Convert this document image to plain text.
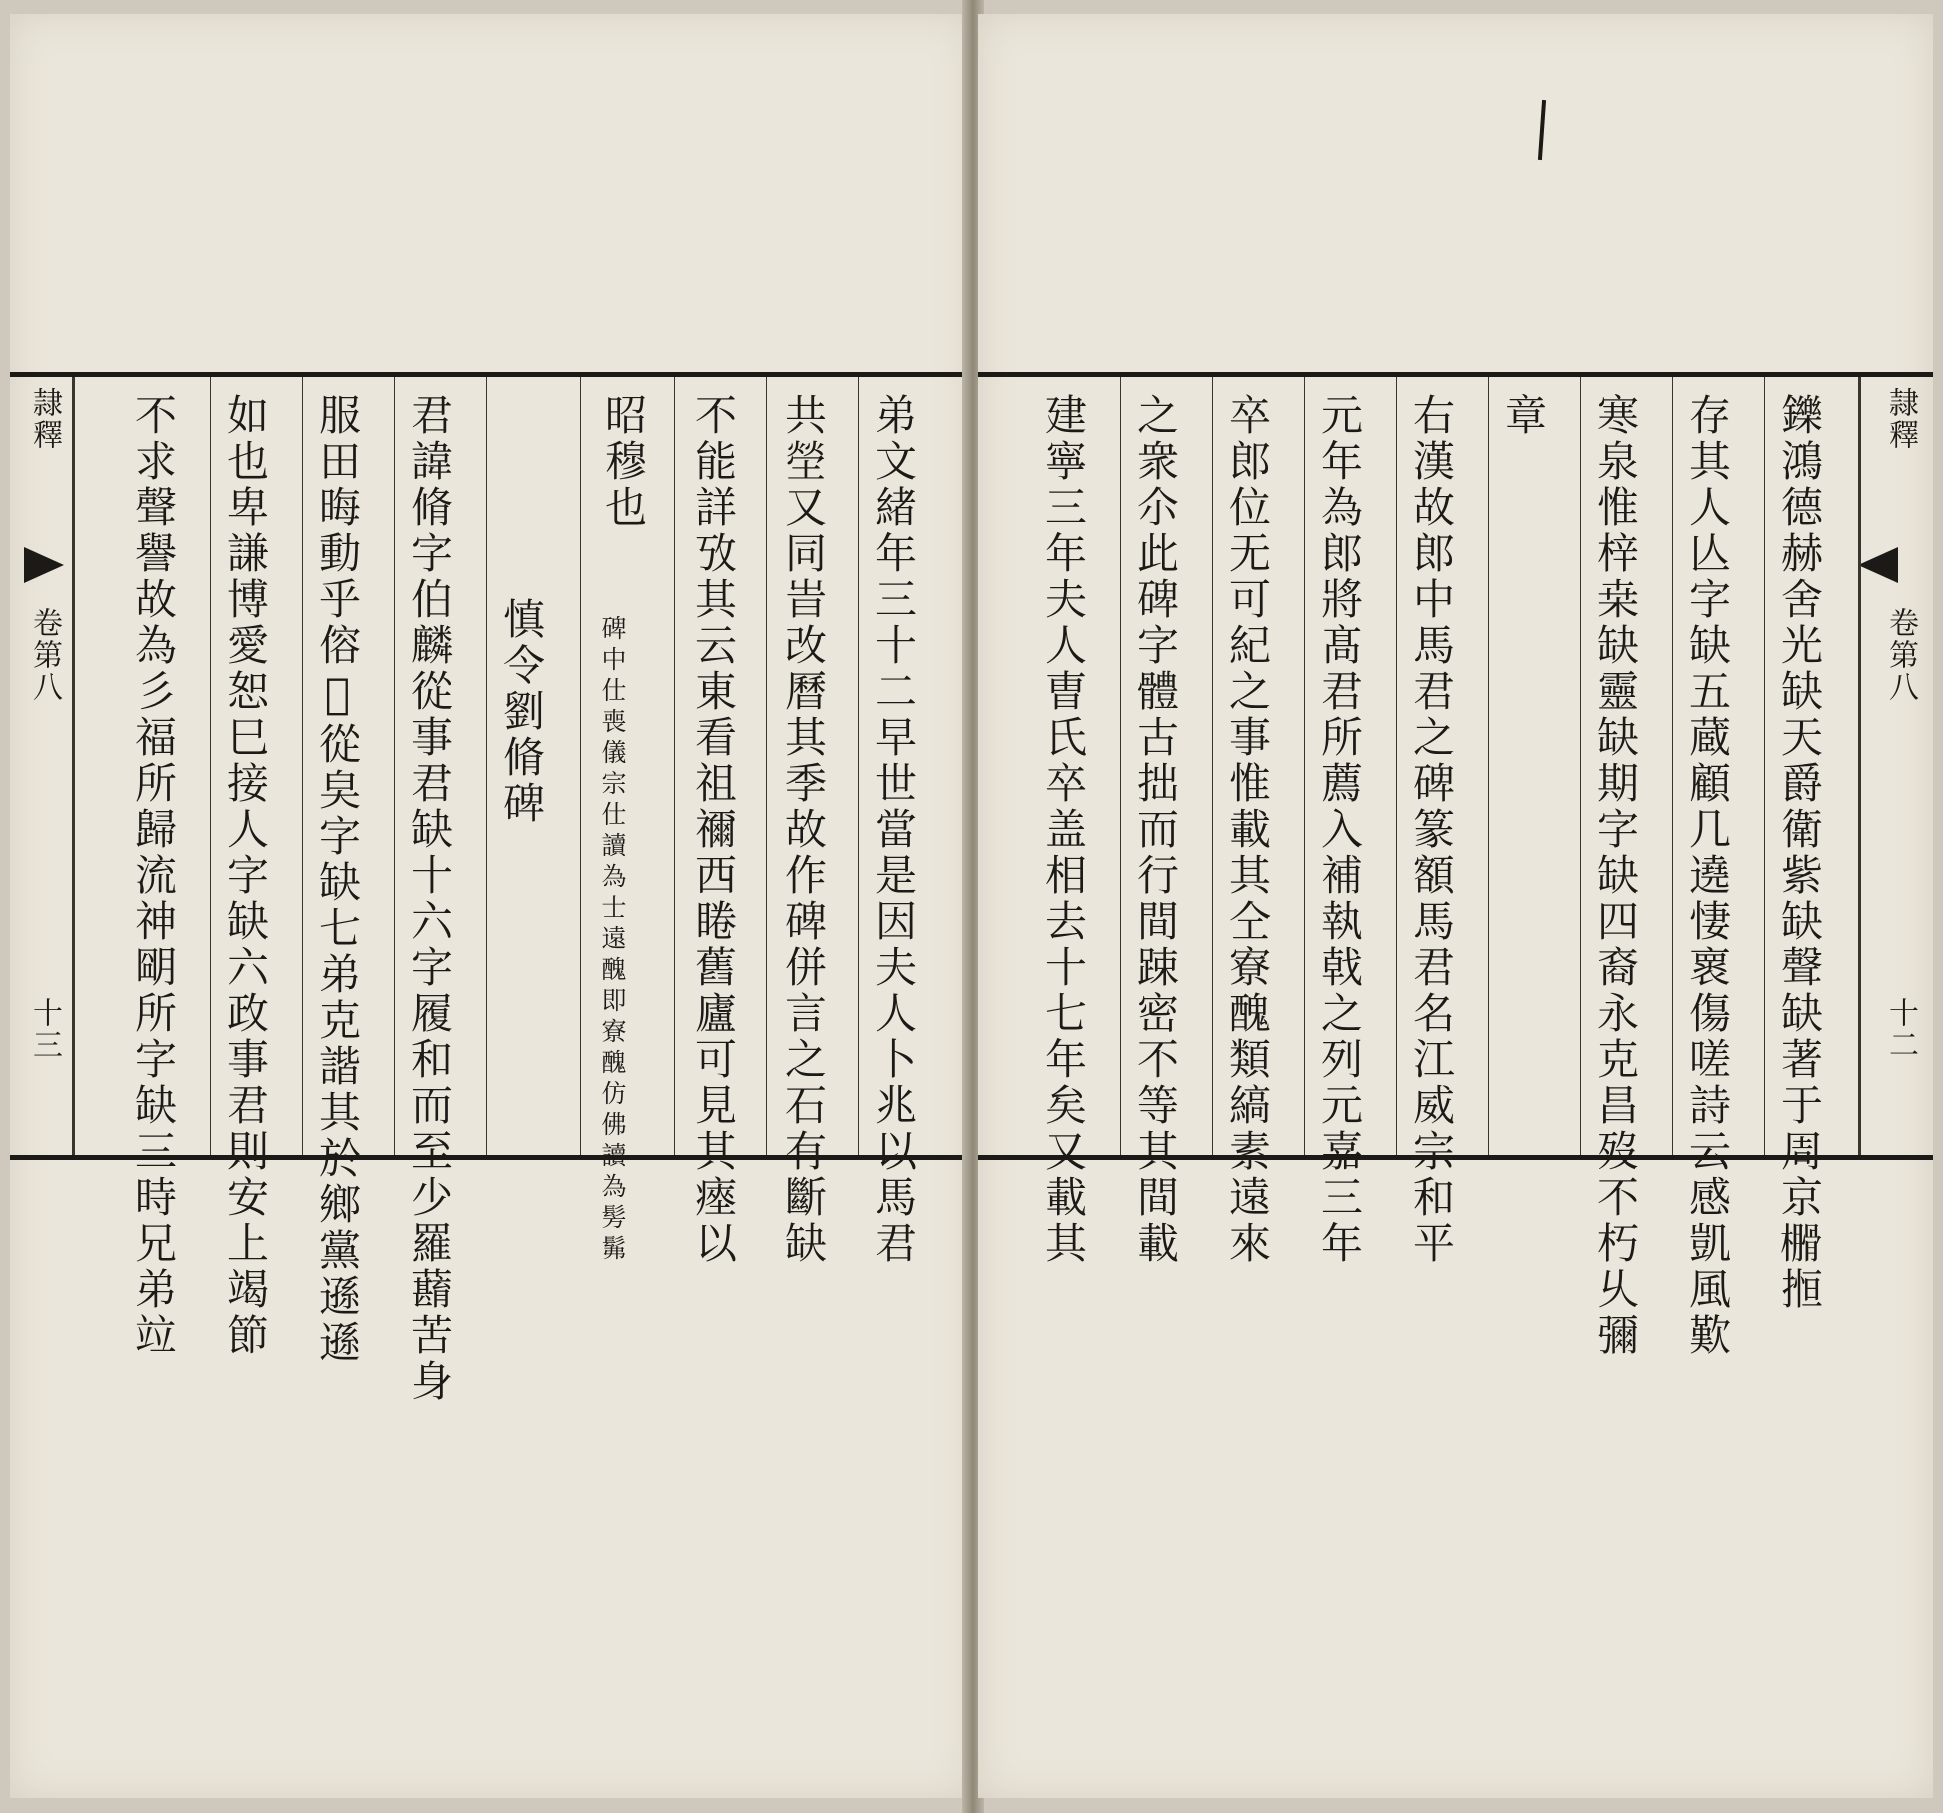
弟文緒年三十二早世當是因夫人卜兆以馬君
共塋又同旹改曆其季故作碑併言之石有斷缺
不能詳攷其云東看祖禰西睠舊廬可見其瘞以
昭穆也
碑中仕喪儀宗仕讀為士遠醜即寮醜仿佛讀為髣髴
慎令劉脩碑
君諱脩字伯麟從事君缺十六字履和而至少羅蘛苦身
服田晦動乎傛𢃄從㚖字缺七弟克諧其於鄉黨遜遜
如也卑謙博愛恕巳接人字缺六政事君則安上竭節
不求聲譽故為彡福所歸流神朙所字缺三時兄弟竝
隷釋
卷第八
十三
隷釋
卷第八
十二
鑠鴻德赫舍光缺天爵衛紫缺聲缺著于周京𣝗搄
存其人亾字缺五蔵顧几遶悽褱傷嗟詩云感凱風歎
寒泉惟梓桒缺靈缺期字缺四裔永克昌歿不朽乆彌
章
右漢故郎中馬君之碑篆額馬君名江威宗和平
元年為郎將髙君所薦入補執戟之列元嘉三年
卒郎位无可紀之事惟載其仝寮醜類縞素遠來
之衆尒此碑字體古拙而行間踈密不等其間載
建寧三年夫人曺氏卒盖相去十七年矣又載其
